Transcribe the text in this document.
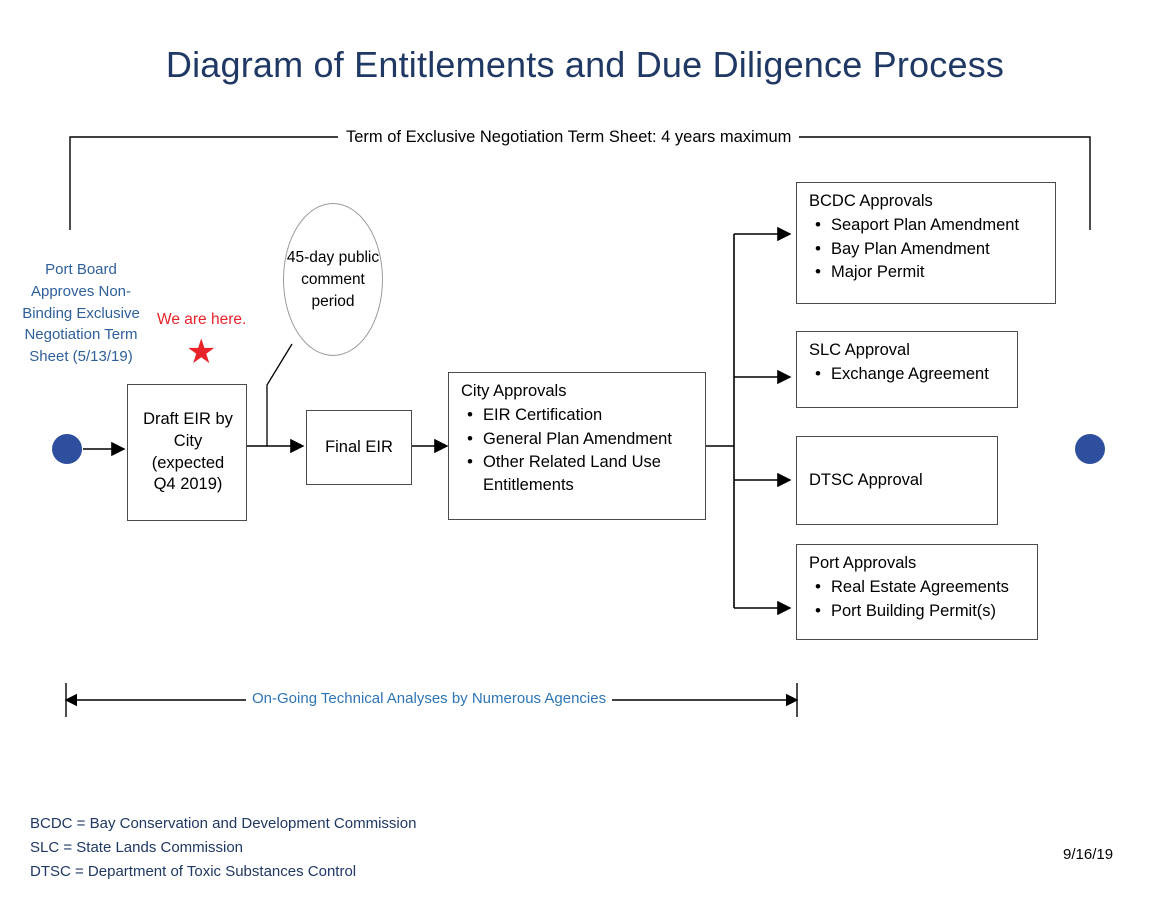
Diagram of Entitlements and Due Diligence Process
Term of Exclusive Negotiation Term Sheet: 4 years maximum
Port Board Approves Non-Binding Exclusive Negotiation Term Sheet (5/13/19)
We are here.
★
Draft EIR by City (expected Q4 2019)
45-day public comment period
Final EIR
City Approvals
• EIR Certification
• General Plan Amendment
• Other Related Land Use Entitlements
BCDC Approvals
• Seaport Plan Amendment
• Bay Plan Amendment
• Major Permit
SLC Approval
• Exchange Agreement
DTSC Approval
Port Approvals
• Real Estate Agreements
• Port Building Permit(s)
On-Going Technical Analyses by Numerous Agencies
BCDC = Bay Conservation and Development Commission
SLC = State Lands Commission
DTSC = Department of Toxic Substances Control
9/16/19
